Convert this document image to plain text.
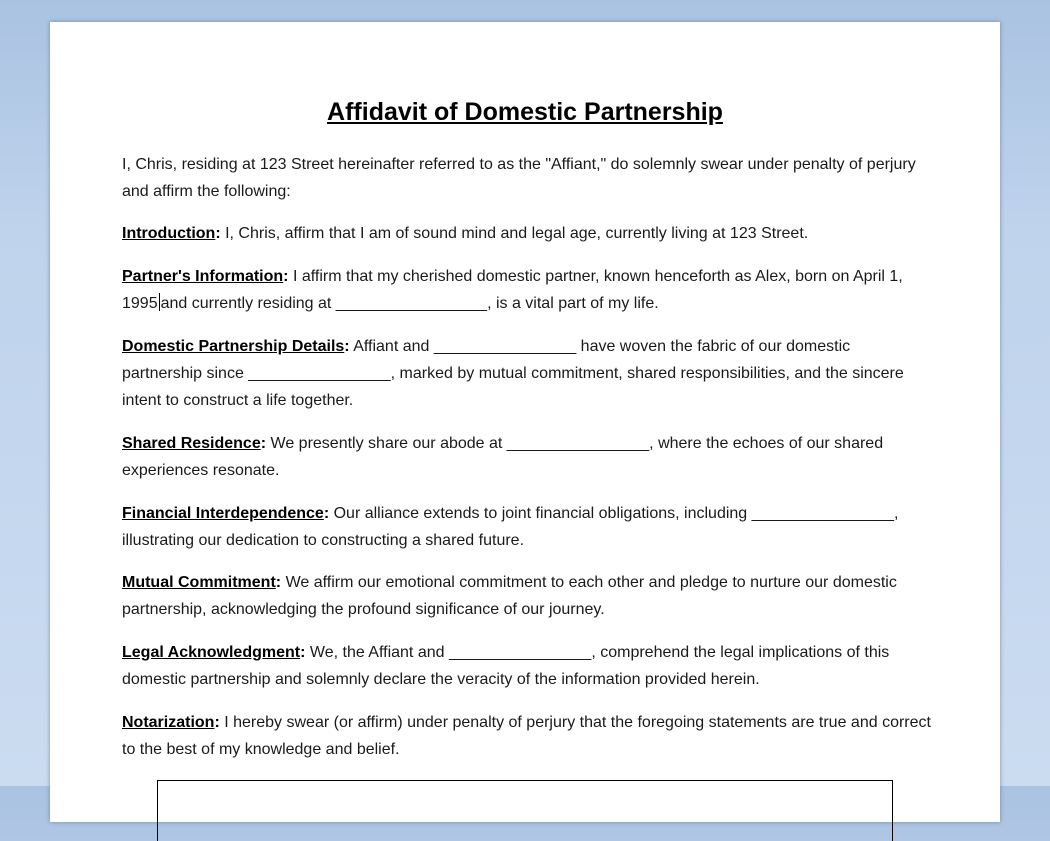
Affidavit of Domestic Partnership

I, Chris, residing at 123 Street hereinafter referred to as the "Affiant," do solemnly swear under penalty of perjury and affirm the following:

Introduction: I, Chris, affirm that I am of sound mind and legal age, currently living at 123 Street.

Partner's Information: I affirm that my cherished domestic partner, known henceforth as Alex, born on April 1, 1995 and currently residing at _________________, is a vital part of my life.

Domestic Partnership Details: Affiant and ________________ have woven the fabric of our domestic partnership since ________________, marked by mutual commitment, shared responsibilities, and the sincere intent to construct a life together.

Shared Residence: We presently share our abode at ________________, where the echoes of our shared experiences resonate.

Financial Interdependence: Our alliance extends to joint financial obligations, including ________________, illustrating our dedication to constructing a shared future.

Mutual Commitment: We affirm our emotional commitment to each other and pledge to nurture our domestic partnership, acknowledging the profound significance of our journey.

Legal Acknowledgment: We, the Affiant and ________________, comprehend the legal implications of this domestic partnership and solemnly declare the veracity of the information provided herein.

Notarization: I hereby swear (or affirm) under penalty of perjury that the foregoing statements are true and correct to the best of my knowledge and belief.
